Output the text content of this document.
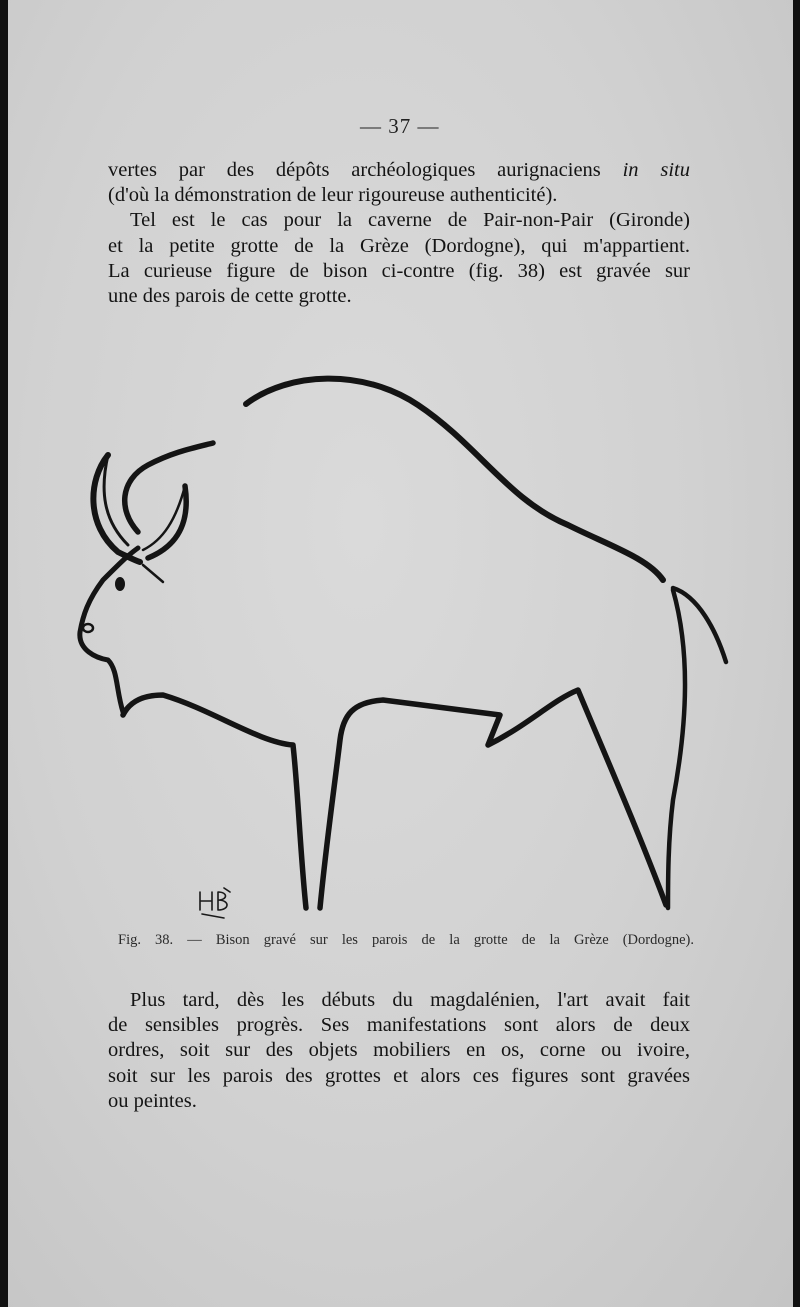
— 37 —
vertes par des dépôts archéologiques aurignaciens in situ
(d'où la démonstration de leur rigoureuse authenticité).
Tel est le cas pour la caverne de Pair-non-Pair (Gironde)
et la petite grotte de la Grèze (Dordogne), qui m'appartient.
La curieuse figure de bison ci-contre (fig. 38) est gravée sur
une des parois de cette grotte.
Fig. 38. — Bison gravé sur les parois de la grotte de la Grèze (Dordogne).
Plus tard, dès les débuts du magdalénien, l'art avait fait
de sensibles progrès. Ses manifestations sont alors de deux
ordres, soit sur des objets mobiliers en os, corne ou ivoire,
soit sur les parois des grottes et alors ces figures sont gravées
ou peintes.
